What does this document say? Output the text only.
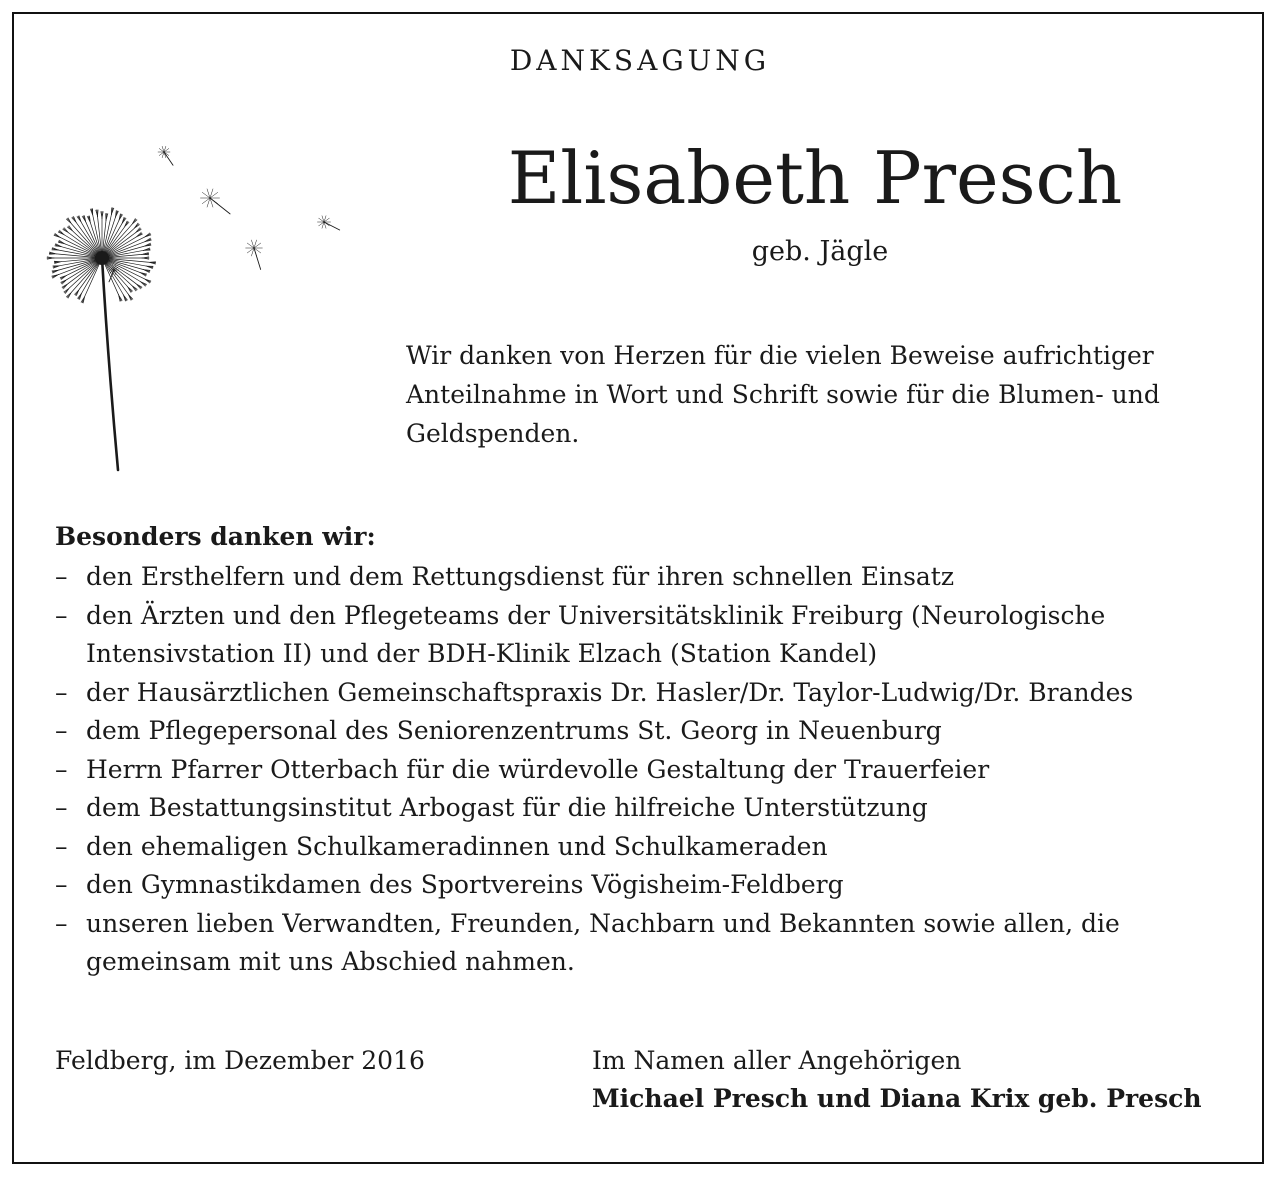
DANKSAGUNG
Elisabeth Presch
geb. Jägle

Wir danken von Herzen für die vielen Beweise aufrichtiger Anteilnahme in Wort und Schrift sowie für die Blumen- und Geldspenden.

Besonders danken wir:
– den Ersthelfern und dem Rettungsdienst für ihren schnellen Einsatz
– den Ärzten und den Pflegeteams der Universitätsklinik Freiburg (Neurologische Intensivstation II) und der BDH-Klinik Elzach (Station Kandel)
– der Hausärztlichen Gemeinschaftspraxis Dr. Hasler/Dr. Taylor-Ludwig/Dr. Brandes
– dem Pflegepersonal des Seniorenzentrums St. Georg in Neuenburg
– Herrn Pfarrer Otterbach für die würdevolle Gestaltung der Trauerfeier
– dem Bestattungsinstitut Arbogast für die hilfreiche Unterstützung
– den ehemaligen Schulkameradinnen und Schulkameraden
– den Gymnastikdamen des Sportvereins Vögisheim-Feldberg
– unseren lieben Verwandten, Freunden, Nachbarn und Bekannten sowie allen, die gemeinsam mit uns Abschied nahmen.
Feldberg, im Dezember 2016	Im Namen aller Angehörigen
Michael Presch und Diana Krix geb. Presch
